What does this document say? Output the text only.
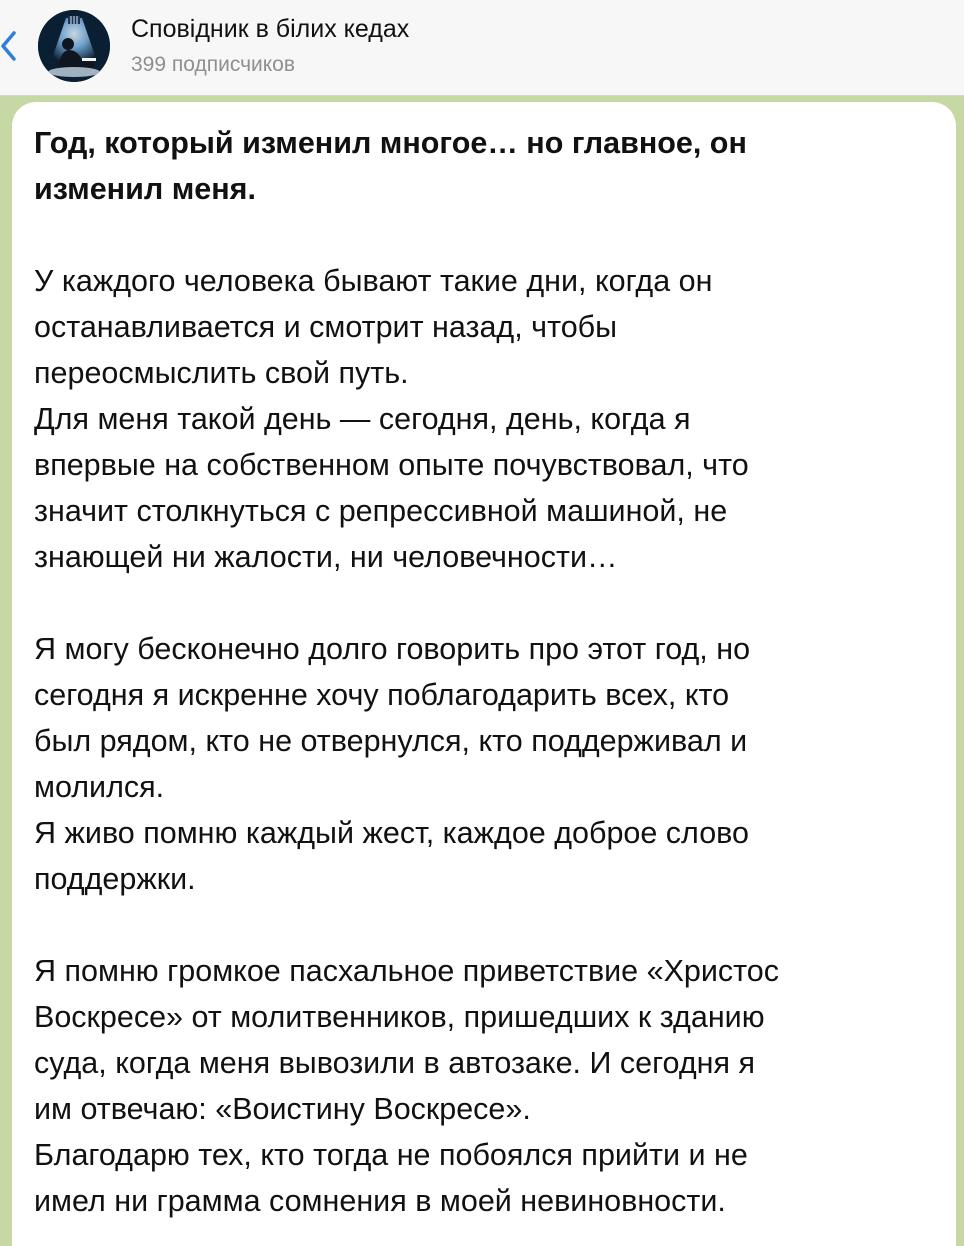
Сповідник в білих кедах
399 подписчиков

Год, который изменил многое… но главное, он
изменил меня.

У каждого человека бывают такие дни, когда он
останавливается и смотрит назад, чтобы
переосмыслить свой путь.

Для меня такой день — сегодня, день, когда я
впервые на собственном опыте почувствовал, что
значит столкнуться с репрессивной машиной, не
знающей ни жалости, ни человечности…

Я могу бесконечно долго говорить про этот год, но
сегодня я искренне хочу поблагодарить всех, кто
был рядом, кто не отвернулся, кто поддерживал и
молился.

Я живо помню каждый жест, каждое доброе слово
поддержки.

Я помню громкое пасхальное приветствие «Христос
Воскресе» от молитвенников, пришедших к зданию
суда, когда меня вывозили в автозаке. И сегодня я
им отвечаю: «Воистину Воскресе».

Благодарю тех, кто тогда не побоялся прийти и не
имел ни грамма сомнения в моей невиновности.
